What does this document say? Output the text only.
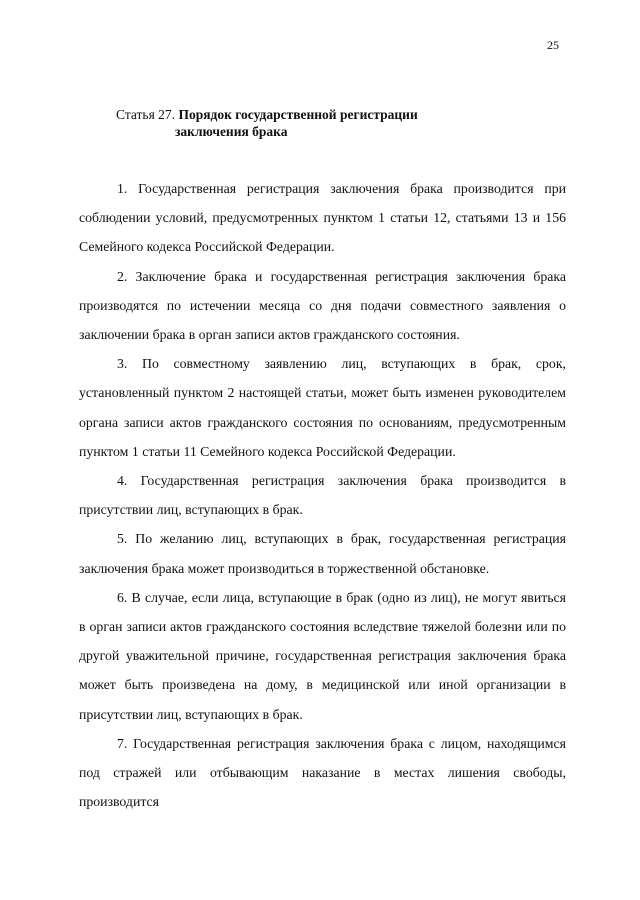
25
Статья 27. Порядок государственной регистрации
заключения брака

1. Государственная регистрация заключения брака производится при соблюдении условий, предусмотренных пунктом 1 статьи 12, статьями 13 и 156 Семейного кодекса Российской Федерации.

2. Заключение брака и государственная регистрация заключения брака производятся по истечении месяца со дня подачи совместного заявления о заключении брака в орган записи актов гражданского состояния.

3. По совместному заявлению лиц, вступающих в брак, срок, установленный пунктом 2 настоящей статьи, может быть изменен руководителем органа записи актов гражданского состояния по основаниям, предусмотренным пунктом 1 статьи 11 Семейного кодекса Российской Федерации.

4. Государственная регистрация заключения брака производится в присутствии лиц, вступающих в брак.

5. По желанию лиц, вступающих в брак, государственная регистрация заключения брака может производиться в торжественной обстановке.

6. В случае, если лица, вступающие в брак (одно из лиц), не могут явиться в орган записи актов гражданского состояния вследствие тяжелой болезни или по другой уважительной причине, государственная регистрация заключения брака может быть произведена на дому, в медицинской или иной организации в присутствии лиц, вступающих в брак.

7. Государственная регистрация заключения брака с лицом, находящимся под стражей или отбывающим наказание в местах лишения свободы, производится
